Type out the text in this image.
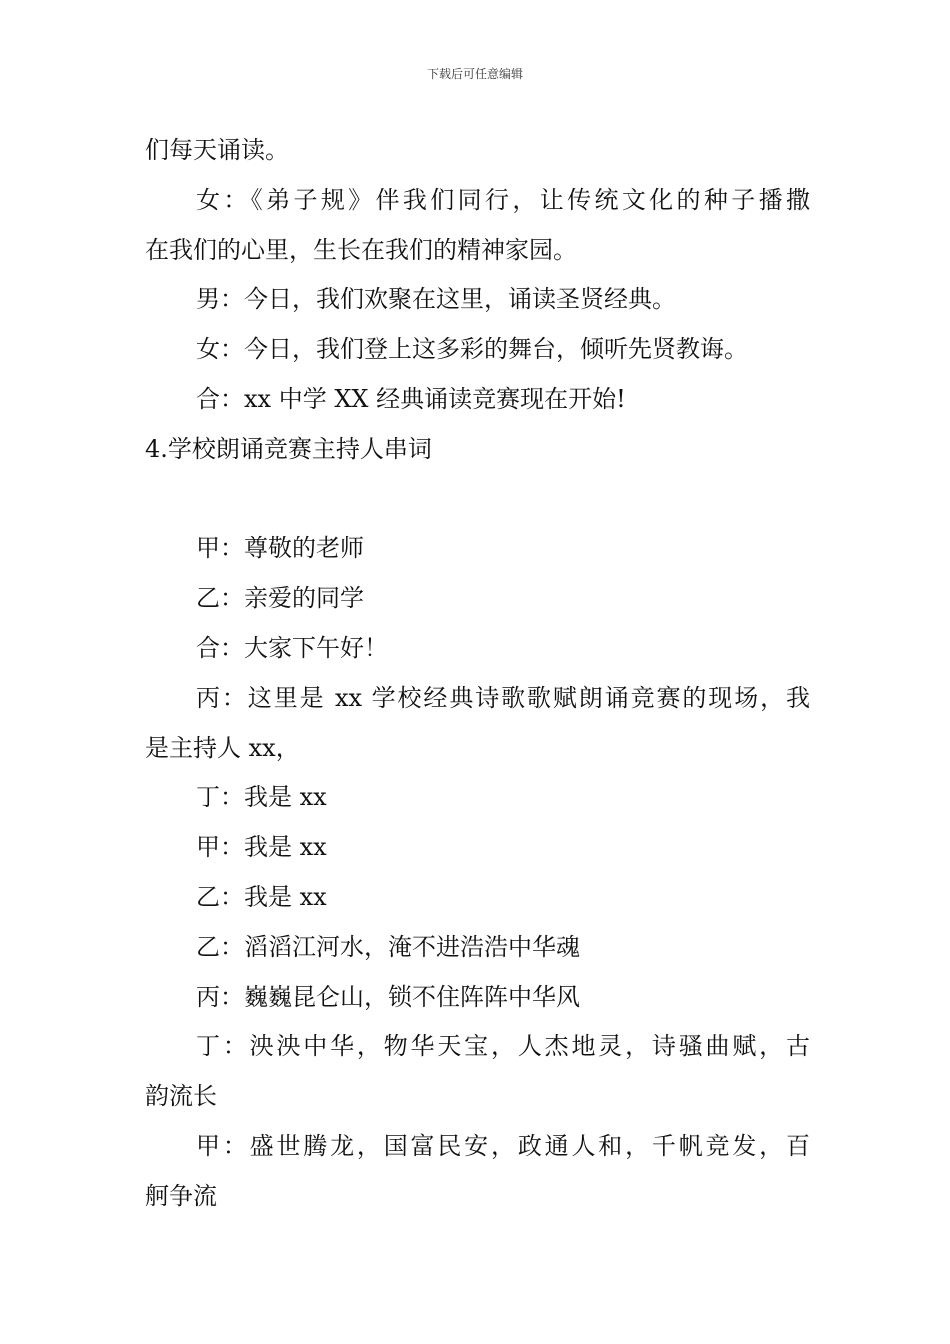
下载后可任意编辑
们每天诵读。
女：《弟子规》伴我们同行，让传统文化的种子播撒
在我们的心里，生长在我们的精神家园。
男：今日，我们欢聚在这里，诵读圣贤经典。
女：今日，我们登上这多彩的舞台，倾听先贤教诲。
合：xx 中学 XX 经典诵读竞赛现在开始!
4.学校朗诵竞赛主持人串词
甲：尊敬的老师
乙：亲爱的同学
合：大家下午好！
丙：这里是 xx 学校经典诗歌歌赋朗诵竞赛的现场，我
是主持人 xx，
丁：我是 xx
甲：我是 xx
乙：我是 xx
乙：滔滔江河水，淹不进浩浩中华魂
丙：巍巍昆仑山，锁不住阵阵中华风
丁：泱泱中华，物华天宝，人杰地灵，诗骚曲赋，古
韵流长
甲：盛世腾龙，国富民安，政通人和，千帆竞发，百
舸争流
